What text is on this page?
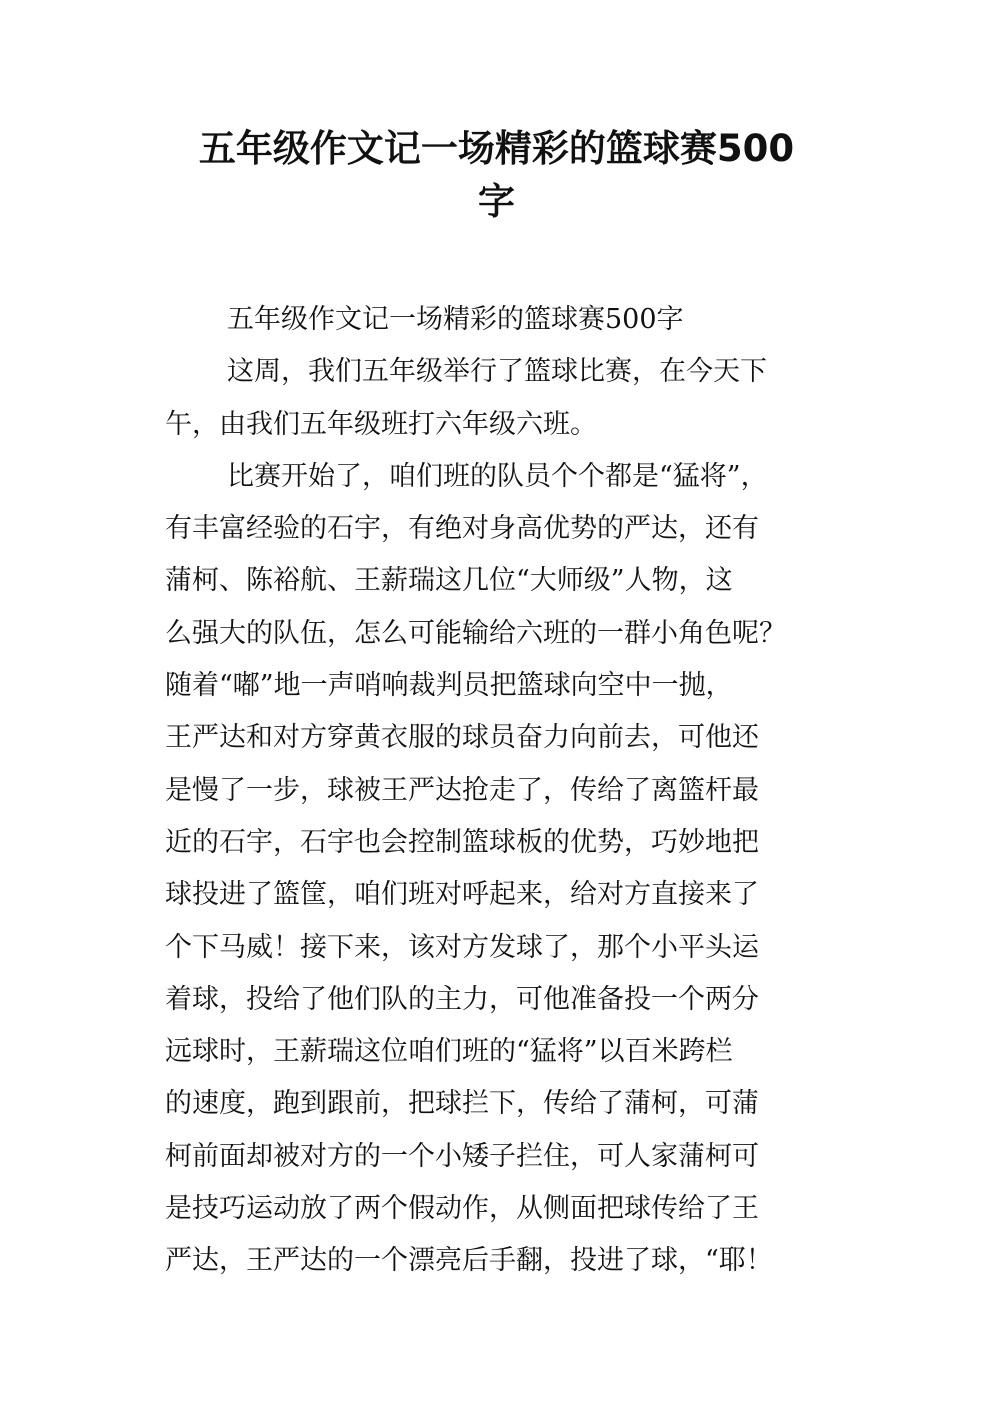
五年级作文记一场精彩的篮球赛500
字
五年级作文记一场精彩的篮球赛500字
这周，我们五年级举行了篮球比赛，在今天下
午，由我们五年级班打六年级六班。
比赛开始了，咱们班的队员个个都是“猛将”，
有丰富经验的石宇，有绝对身高优势的严达，还有
蒲柯、陈裕航、王薪瑞这几位“大师级”人物，这
么强大的队伍，怎么可能输给六班的一群小角色呢？
随着“嘟”地一声哨响裁判员把篮球向空中一抛，
王严达和对方穿黄衣服的球员奋力向前去，可他还
是慢了一步，球被王严达抢走了，传给了离篮杆最
近的石宇，石宇也会控制篮球板的优势，巧妙地把
球投进了篮筐，咱们班对呼起来，给对方直接来了
个下马威！接下来，该对方发球了，那个小平头运
着球，投给了他们队的主力，可他准备投一个两分
远球时，王薪瑞这位咱们班的“猛将”以百米跨栏
的速度，跑到跟前，把球拦下，传给了蒲柯，可蒲
柯前面却被对方的一个小矮子拦住，可人家蒲柯可
是技巧运动放了两个假动作，从侧面把球传给了王
严达，王严达的一个漂亮后手翻，投进了球，“耶！
